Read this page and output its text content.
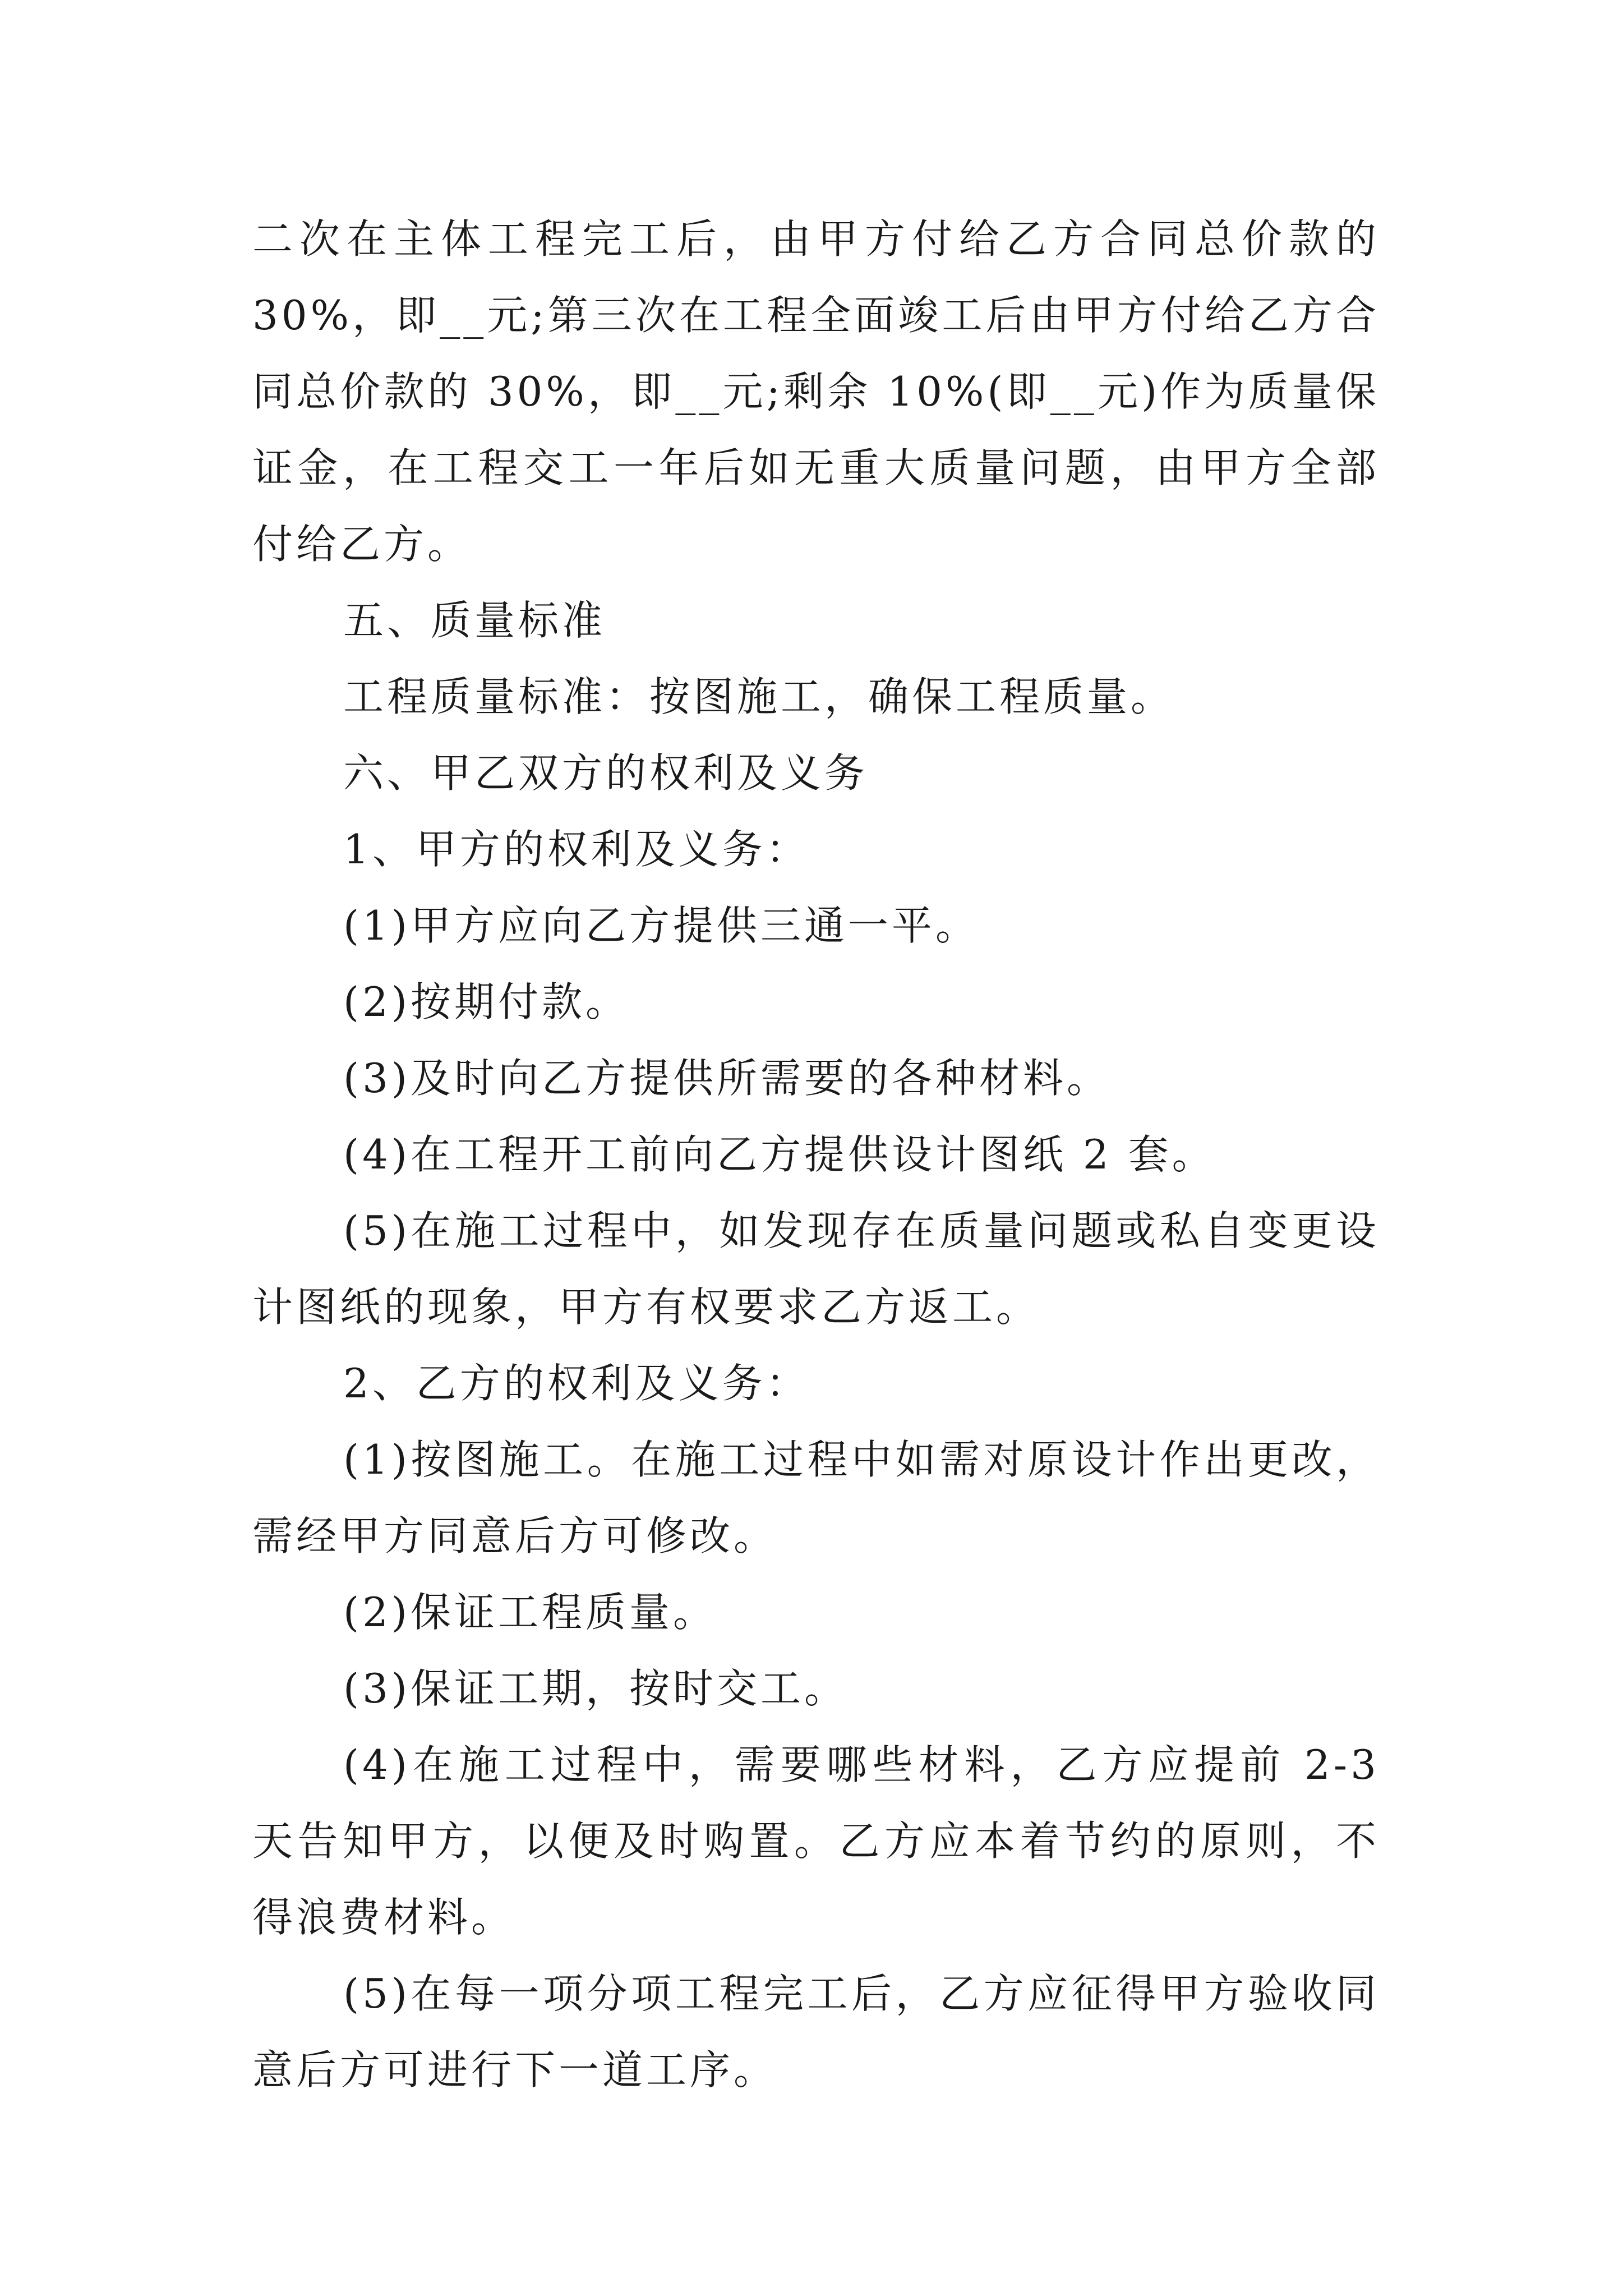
二次在主体工程完工后，由甲方付给乙方合同总价款的 30%，即__元;第三次在工程全面竣工后由甲方付给乙方合同总价款的 30%，即__元;剩余 10%(即__元)作为质量保证金，在工程交工一年后如无重大质量问题，由甲方全部付给乙方。

五、质量标准

工程质量标准：按图施工，确保工程质量。

六、甲乙双方的权利及义务

1、甲方的权利及义务：

(1)甲方应向乙方提供三通一平。

(2)按期付款。

(3)及时向乙方提供所需要的各种材料。

(4)在工程开工前向乙方提供设计图纸 2 套。

(5)在施工过程中，如发现存在质量问题或私自变更设计图纸的现象，甲方有权要求乙方返工。

2、乙方的权利及义务：

(1)按图施工。在施工过程中如需对原设计作出更改，需经甲方同意后方可修改。

(2)保证工程质量。

(3)保证工期，按时交工。

(4)在施工过程中，需要哪些材料，乙方应提前 2-3 天告知甲方，以便及时购置。乙方应本着节约的原则，不得浪费材料。

(5)在每一项分项工程完工后，乙方应征得甲方验收同意后方可进行下一道工序。
